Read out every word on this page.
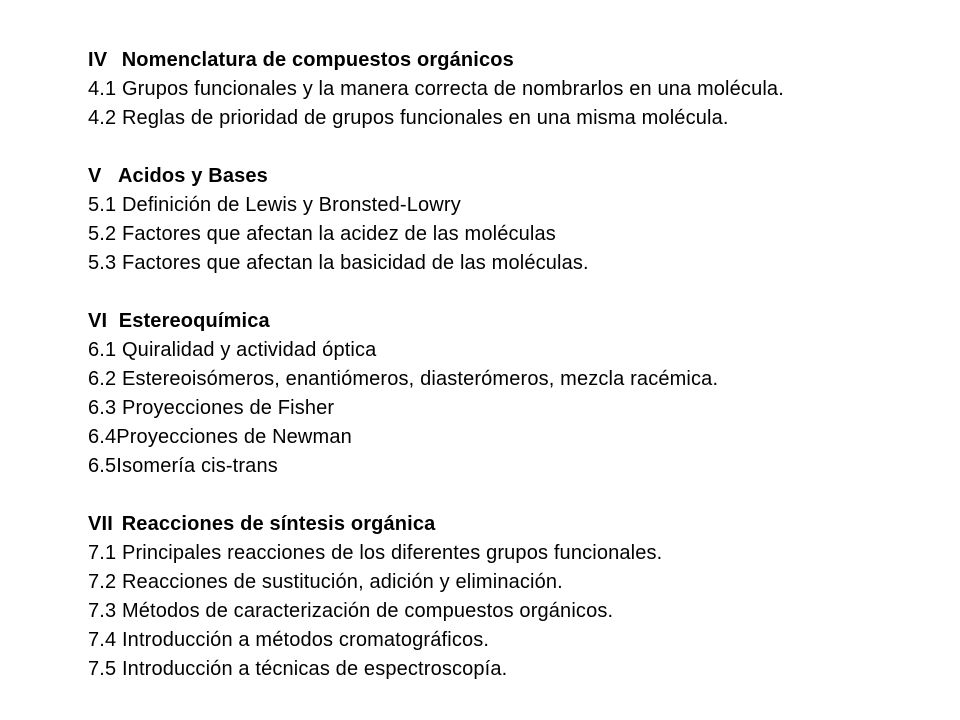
IV Nomenclatura de compuestos orgánicos
4.1 Grupos funcionales y la manera correcta de nombrarlos en una molécula.
4.2 Reglas de prioridad de grupos funcionales en una misma molécula.
V Acidos y Bases
5.1 Definición de Lewis y Bronsted-Lowry
5.2 Factores que afectan la acidez de las moléculas
5.3 Factores que afectan la basicidad de las moléculas.
VI Estereoquímica
6.1 Quiralidad y actividad óptica
6.2 Estereoisómeros, enantiómeros, diasterómeros, mezcla racémica.
6.3 Proyecciones de Fisher
6.4Proyecciones de Newman
6.5Isomería cis-trans
VII Reacciones de síntesis orgánica
7.1 Principales reacciones de los diferentes grupos funcionales.
7.2 Reacciones de sustitución, adición y eliminación.
7.3 Métodos de caracterización de compuestos orgánicos.
7.4 Introducción a métodos cromatográficos.
7.5 Introducción a técnicas de espectroscopía.
